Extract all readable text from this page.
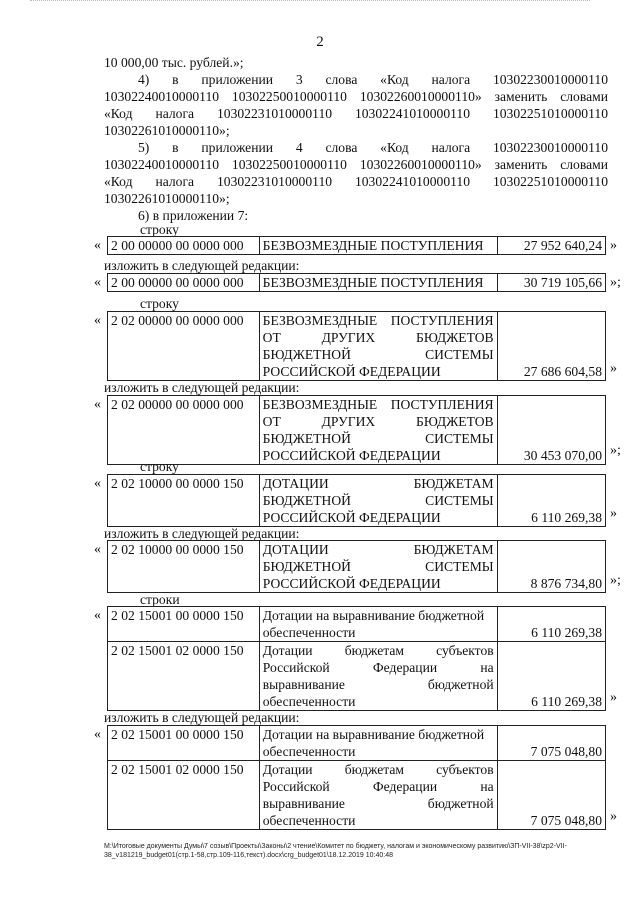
2

10 000,00 тыс. рублей.»;

4) в приложении 3 слова «Код налога 10302230010000110

10302240010000110 10302250010000110 10302260010000110» заменить словами

«Код налога 10302231010000110 10302241010000110 10302251010000110

10302261010000110»;

5) в приложении 4 слова «Код налога 10302230010000110

10302240010000110 10302250010000110 10302260010000110» заменить словами

«Код налога 10302231010000110 10302241010000110 10302251010000110

10302261010000110»;

6) в приложении 7:

строку
« 2 00 00000 00 0000 000	БЕЗВОЗМЕЗДНЫЕ ПОСТУПЛЕНИЯ	27 952 640,24 »
изложить в следующей редакции:
« 2 00 00000 00 0000 000	БЕЗВОЗМЕЗДНЫЕ ПОСТУПЛЕНИЯ	30 719 105,66 »;
строку
« 2 02 00000 00 0000 000	БЕЗВОЗМЕЗДНЫЕ ПОСТУПЛЕНИЯ
ОТ ДРУГИХ БЮДЖЕТОВ
БЮДЖЕТНОЙ СИСТЕМЫ
РОССИЙСКОЙ ФЕДЕРАЦИИ	27 686 604,58 »
изложить в следующей редакции:
« 2 02 00000 00 0000 000	БЕЗВОЗМЕЗДНЫЕ ПОСТУПЛЕНИЯ
ОТ ДРУГИХ БЮДЖЕТОВ
БЮДЖЕТНОЙ СИСТЕМЫ
РОССИЙСКОЙ ФЕДЕРАЦИИ	30 453 070,00 »;
строку
« 2 02 10000 00 0000 150	ДОТАЦИИ БЮДЖЕТАМ
БЮДЖЕТНОЙ СИСТЕМЫ
РОССИЙСКОЙ ФЕДЕРАЦИИ	6 110 269,38 »
изложить в следующей редакции:
« 2 02 10000 00 0000 150	ДОТАЦИИ БЮДЖЕТАМ
БЮДЖЕТНОЙ СИСТЕМЫ
РОССИЙСКОЙ ФЕДЕРАЦИИ	8 876 734,80 »;
строки
« 2 02 15001 00 0000 150	Дотации на выравнивание бюджетной
обеспеченности	6 110 269,38
2 02 15001 02 0000 150	Дотации бюджетам субъектов
Российской Федерации на
выравнивание бюджетной
обеспеченности	6 110 269,38 »
изложить в следующей редакции:
« 2 02 15001 00 0000 150	Дотации на выравнивание бюджетной
обеспеченности	7 075 048,80
2 02 15001 02 0000 150	Дотации бюджетам субъектов
Российской Федерации на
выравнивание бюджетной
обеспеченности	7 075 048,80 »
М:\Итоговые документы Думы\7 созыв\Проекты\Законы\2 чтение\Комитет по бюджету, налогам и экономическому развитию\ЗП-VII-38\zp2-VII-38_v181219_budget01(стр.1-58,стр.109-116,текст).docx\сrg_budget01\18.12.2019 10:40:48
